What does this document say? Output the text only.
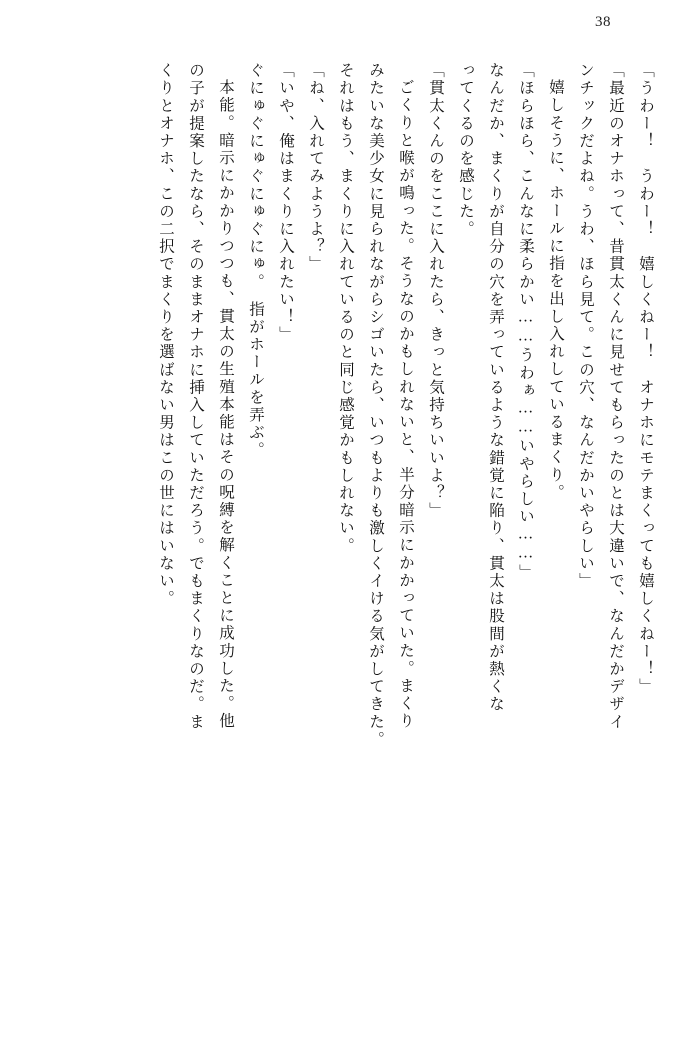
38
「うわー！　うわー！　嬉しくねー！　オナホにモテまくっても嬉しくねー！」
「最近のオナホって、昔貫太くんに見せてもらったのとは大違いで、なんだかデザイ
ンチックだよね。うわ、ほら見て。この穴、なんだかいやらしい」
嬉しそうに、ホールに指を出し入れしているまくり。
「ほらほら、こんなに柔らかい……うわぁ……いやらしい……」
なんだか、まくりが自分の穴を弄っているような錯覚に陥り、貫太は股間が熱くな
ってくるのを感じた。
「貫太くんのをここに入れたら、きっと気持ちいいよ？」
ごくりと喉が鳴った。そうなのかもしれないと、半分暗示にかかっていた。まくり
みたいな美少女に見られながらシゴいたら、いつもよりも激しくイける気がしてきた。
それはもう、まくりに入れているのと同じ感覚かもしれない。
「ね、入れてみようよ？」
「いや、俺はまくりに入れたい！」
ぐにゅぐにゅぐにゅぐにゅ。　指がホールを弄ぶ。
本能。暗示にかかりつつも、貫太の生殖本能はその呪縛を解くことに成功した。他
の子が提案したなら、そのままオナホに挿入していただろう。でもまくりなのだ。ま
くりとオナホ、この二択でまくりを選ばない男はこの世にはいない。
